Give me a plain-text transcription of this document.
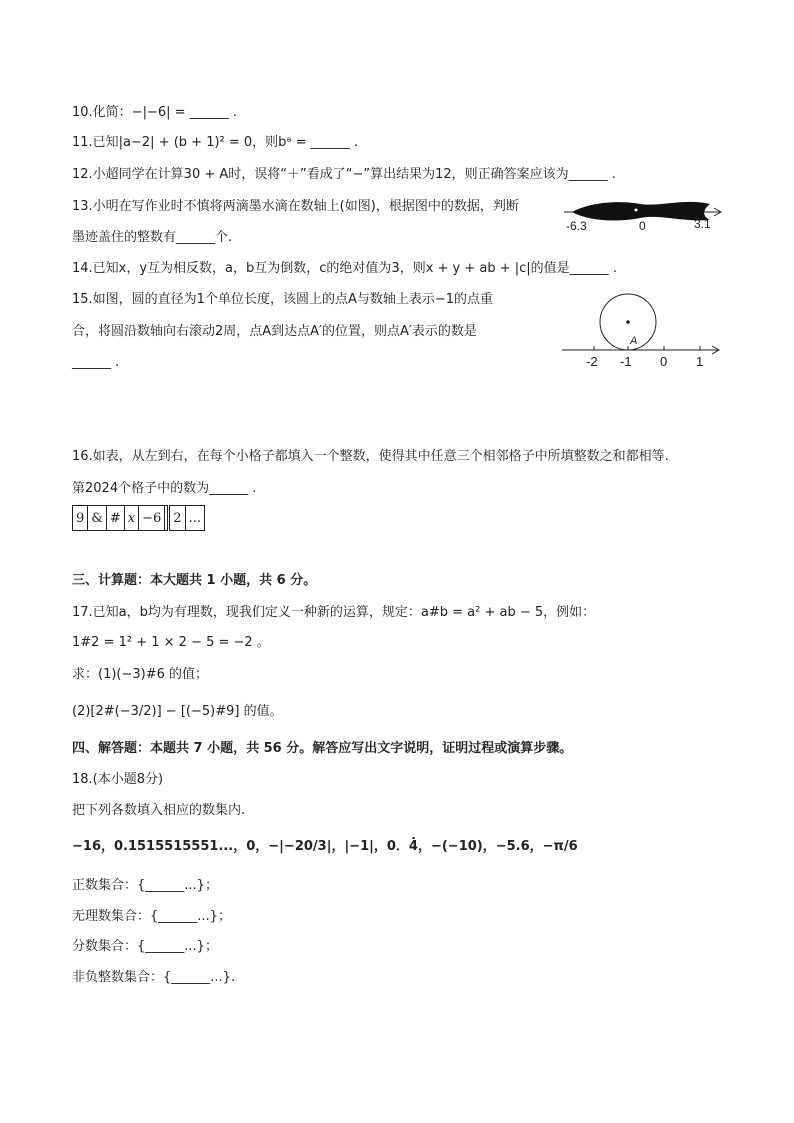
10.化简：−|−6| = ______ .
11.已知|a−2| + (b + 1)² = 0，则bᵃ = ______ .
12.小超同学在计算30 + A时，误将“＋”看成了“−”算出结果为12，则正确答案应该为______ .
13.小明在写作业时不慎将两滴墨水滴在数轴上(如图)，根据图中的数据，判断
墨迹盖住的整数有______个.
-6.3	0	3.1
14.已知x，y互为相反数，a，b互为倒数，c的绝对值为3，则x + y + ab + |c|的值是______ .
15.如图，圆的直径为1个单位长度，该圆上的点A与数轴上表示−1的点重
合，将圆沿数轴向右滚动2周，点A到达点A′的位置，则点A′表示的数是
______ .
A
-2 -1 0 1
16.如表，从左到右，在每个小格子都填入一个整数，使得其中任意三个相邻格子中所填整数之和都相等.
第2024个格子中的数为______ .
9	&	#	x	−6		2	...
三、计算题：本大题共 1 小题，共 6 分。
17.已知a，b均为有理数，现我们定义一种新的运算，规定：a#b = a² + ab − 5，例如：
1#2 = 1² + 1 × 2 − 5 = −2 。
求：(1)(−3)#6 的值；
(2)[2#(−3/2)] − [(−5)#9] 的值。
四、解答题：本题共 7 小题，共 56 分。解答应写出文字说明，证明过程或演算步骤。
18.(本小题8分)
把下列各数填入相应的数集内.
−16，0.1515515551...，0，−|−20/3|，|−1|，0．4̇，−(−10)，−5.6，−π/6
正数集合：{______...}；
无理数集合：{______...}；
分数集合：{______...}；
非负整数集合：{______...}.
